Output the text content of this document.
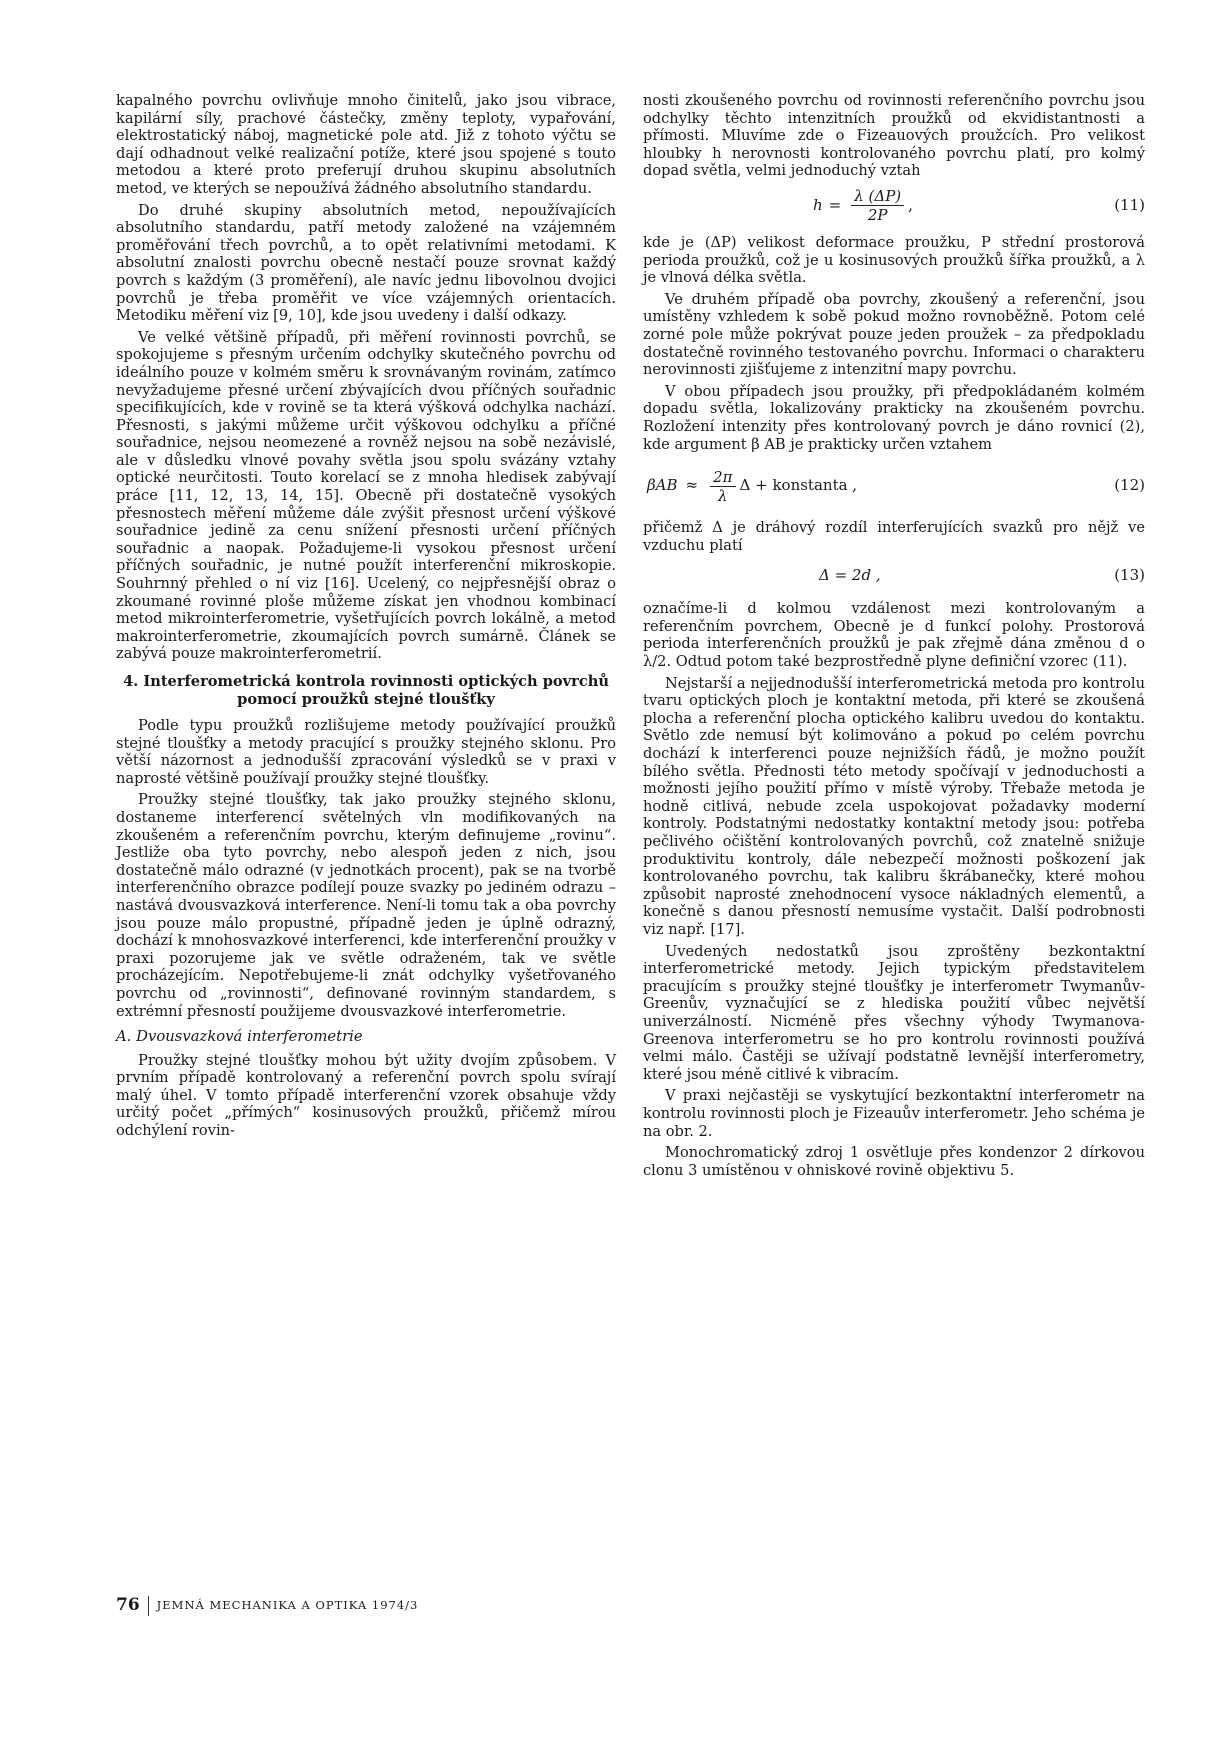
kapalného povrchu ovlivňuje mnoho činitelů, jako jsou vibrace, kapilární síly, prachové částečky, změny teploty, vypařování, elektrostatický náboj, magnetické pole atd. Již z tohoto výčtu se dají odhadnout velké realizační potíže, které jsou spojené s touto metodou a které proto preferují druhou skupinu absolutních metod, ve kterých se nepoužívá žádného absolutního standardu.

Do druhé skupiny absolutních metod, nepoužívajících absolutního standardu, patří metody založené na vzájemném proměřování třech povrchů, a to opět relativními metodami. K absolutní znalosti povrchu obecně nestačí pouze srovnat každý povrch s každým (3 proměření), ale navíc jednu libovolnou dvojici povrchů je třeba proměřit ve více vzájemných orientacích. Metodiku měření viz [9, 10], kde jsou uvedeny i další odkazy.

Ve velké většině případů, při měření rovinnosti povrchů, se spokojujeme s přesným určením odchylky skutečného povrchu od ideálního pouze v kolmém směru k srovnávaným rovinám, zatímco nevyžadujeme přesné určení zbývajících dvou příčných souřadnic specifikujících, kde v rovině se ta která výšková odchylka nachází. Přesnosti, s jakými můžeme určit výškovou odchylku a příčné souřadnice, nejsou neomezené a rovněž nejsou na sobě nezávislé, ale v důsledku vlnové povahy světla jsou spolu svázány vztahy optické neurčitosti. Touto korelací se z mnoha hledisek zabývají práce [11, 12, 13, 14, 15]. Obecně při dostatečně vysokých přesnostech měření můžeme dále zvýšit přesnost určení výškové souřadnice jedině za cenu snížení přesnosti určení příčných souřadnic a naopak. Požadujeme-li vysokou přesnost určení příčných souřadnic, je nutné použít interferenční mikroskopie. Souhrnný přehled o ní viz [16]. Ucelený, co nejpřesnější obraz o zkoumané rovinné ploše můžeme získat jen vhodnou kombinací metod mikrointerferometrie, vyšetřujících povrch lokálně, a metod makrointerferometrie, zkoumajících povrch sumárně. Článek se zabývá pouze makrointerferometrií.

4. Interferometrická kontrola rovinnosti optických povrchů pomocí proužků stejné tloušťky

Podle typu proužků rozlišujeme metody používající proužků stejné tloušťky a metody pracující s proužky stejného sklonu. Pro větší názornost a jednodušší zpracování výsledků se v praxi v naprosté většině používají proužky stejné tloušťky.

Proužky stejné tloušťky, tak jako proužky stejného sklonu, dostaneme interferencí světelných vln modifikovaných na zkoušeném a referenčním povrchu, kterým definujeme „rovinu“. Jestliže oba tyto povrchy, nebo alespoň jeden z nich, jsou dostatečně málo odrazné (v jednotkách procent), pak se na tvorbě interferenčního obrazce podílejí pouze svazky po jediném odrazu – nastává dvousvazková interference. Není-li tomu tak a oba povrchy jsou pouze málo propustné, případně jeden je úplně odrazný, dochází k mnohosvazkové interferenci, kde interferenční proužky v praxi pozorujeme jak ve světle odraženém, tak ve světle procházejícím. Nepotřebujeme-li znát odchylky vyšetřovaného povrchu od „rovinnosti“, definované rovinným standardem, s extrémní přesností použijeme dvousvazkové interferometrie.

A. Dvousvazková interferometrie

Proužky stejné tloušťky mohou být užity dvojím způsobem. V prvním případě kontrolovaný a referenční povrch spolu svírají malý úhel. V tomto případě interferenční vzorek obsahuje vždy určitý počet „přímých“ kosinusových proužků, přičemž mírou odchýlení rovin-

nosti zkoušeného povrchu od rovinnosti referenčního povrchu jsou odchylky těchto intenzitních proužků od ekvidistantnosti a přímosti. Mluvíme zde o Fizeauových proužcích. Pro velikost hloubky h nerovnosti kontrolovaného povrchu platí, pro kolmý dopad světla, velmi jednoduchý vztah

$h = \frac{\lambda (\Delta P)}{2P}$ ,	(11)

kde je (ΔP) velikost deformace proužku, P střední prostorová perioda proužků, což je u kosinusových proužků šířka proužků, a λ je vlnová délka světla.

Ve druhém případě oba povrchy, zkoušený a referenční, jsou umístěny vzhledem k sobě pokud možno rovnoběžně. Potom celé zorné pole může pokrývat pouze jeden proužek – za předpokladu dostatečně rovinného testovaného povrchu. Informaci o charakteru nerovinnosti zjišťujeme z intenzitní mapy povrchu.

V obou případech jsou proužky, při předpokládaném kolmém dopadu světla, lokalizovány prakticky na zkoušeném povrchu. Rozložení intenzity přes kontrolovaný povrch je dáno rovnicí (2), kde argument β AB je prakticky určen vztahem

$\beta AB \approx \frac{2\pi}{\lambda}$ Δ + konstanta ,	(12)

přičemž Δ je dráhový rozdíl interferujících svazků pro nějž ve vzduchu platí

Δ = 2d ,	(13)

označíme-li d kolmou vzdálenost mezi kontrolovaným a referenčním povrchem, Obecně je d funkcí polohy. Prostorová perioda interferenčních proužků je pak zřejmě dána změnou d o λ/2. Odtud potom také bezprostředně plyne definiční vzorec (11).

Nejstarší a nejjednodušší interferometrická metoda pro kontrolu tvaru optických ploch je kontaktní metoda, při které se zkoušená plocha a referenční plocha optického kalibru uvedou do kontaktu. Světlo zde nemusí být kolimováno a pokud po celém povrchu dochází k interferenci pouze nejnižších řádů, je možno použít bílého světla. Přednosti této metody spočívají v jednoduchosti a možnosti jejího použití přímo v místě výroby. Třebaže metoda je hodně citlivá, nebude zcela uspokojovat požadavky moderní kontroly. Podstatnými nedostatky kontaktní metody jsou: potřeba pečlivého očištění kontrolovaných povrchů, což znatelně snižuje produktivitu kontroly, dále nebezpečí možnosti poškození jak kontrolovaného povrchu, tak kalibru škrábanečky, které mohou způsobit naprosté znehodnocení vysoce nákladných elementů, a konečně s danou přesností nemusíme vystačit. Další podrobnosti viz např. [17].

Uvedených nedostatků jsou zproštěny bezkontaktní interferometrické metody. Jejich typickým představitelem pracujícím s proužky stejné tloušťky je interferometr Twymanův-Greenův, vyznačující se z hlediska použití vůbec největší univerzálností. Nicméně přes všechny výhody Twymanova-Greenova interferometru se ho pro kontrolu rovinnosti používá velmi málo. Častěji se užívají podstatně levnější interferometry, které jsou méně citlivé k vibracím.

V praxi nejčastěji se vyskytující bezkontaktní interferometr na kontrolu rovinnosti ploch je Fizeauův interferometr. Jeho schéma je na obr. 2.

Monochromatický zdroj 1 osvětluje přes kondenzor 2 dírkovou clonu 3 umístěnou v ohniskové rovině objektivu 5.

76 JEMNÁ MECHANIKA A OPTIKA 1974/3
